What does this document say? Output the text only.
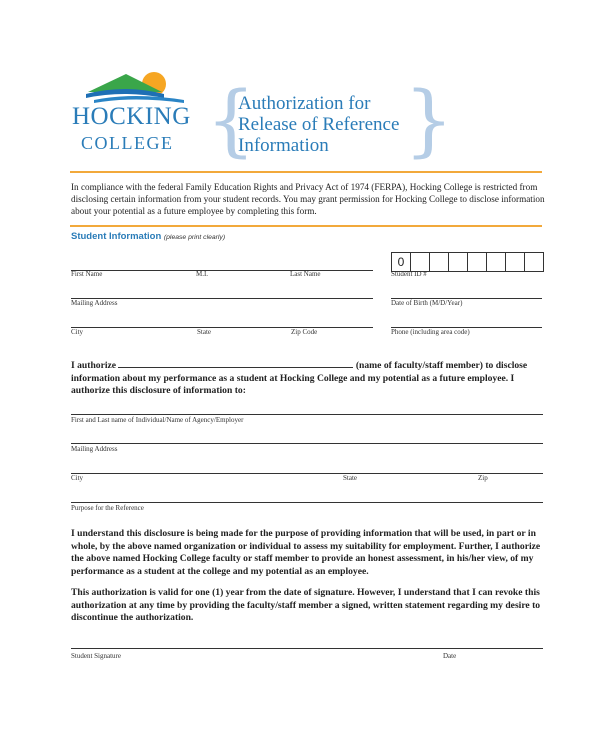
HOCKING
COLLEGE {
Authorization for
Release of Reference
Information }
In compliance with the federal Family Education Rights and Privacy Act of 1974 (FERPA), Hocking College is restricted from disclosing certain information from your student records. You may grant permission for Hocking College to disclose information about your potential as a future employee by completing this form.
Student Information (please print clearly)
0
First Name	M.I.	Last Name	Student ID #
Mailing Address	Date of Birth (M/D/Year)
City	State	Zip Code	Phone (including area code)
I authorize	(name of faculty/staff member) to disclose information about my performance as a student at Hocking College and my potential as a future employee. I authorize this disclosure of information to:
First and Last name of Individual/Name of Agency/Employer
Mailing Address
City	State	Zip
Purpose for the Reference
I understand this disclosure is being made for the purpose of providing information that will be used, in part or in whole, by the above named organization or individual to assess my suitability for employment. Further, I authorize the above named Hocking College faculty or staff member to provide an honest assessment, in his/her view, of my performance as a student at the college and my potential as an employee.
This authorization is valid for one (1) year from the date of signature. However, I understand that I can revoke this authorization at any time by providing the faculty/staff member a signed, written statement regarding my desire to discontinue the authorization.
Student Signature	Date
